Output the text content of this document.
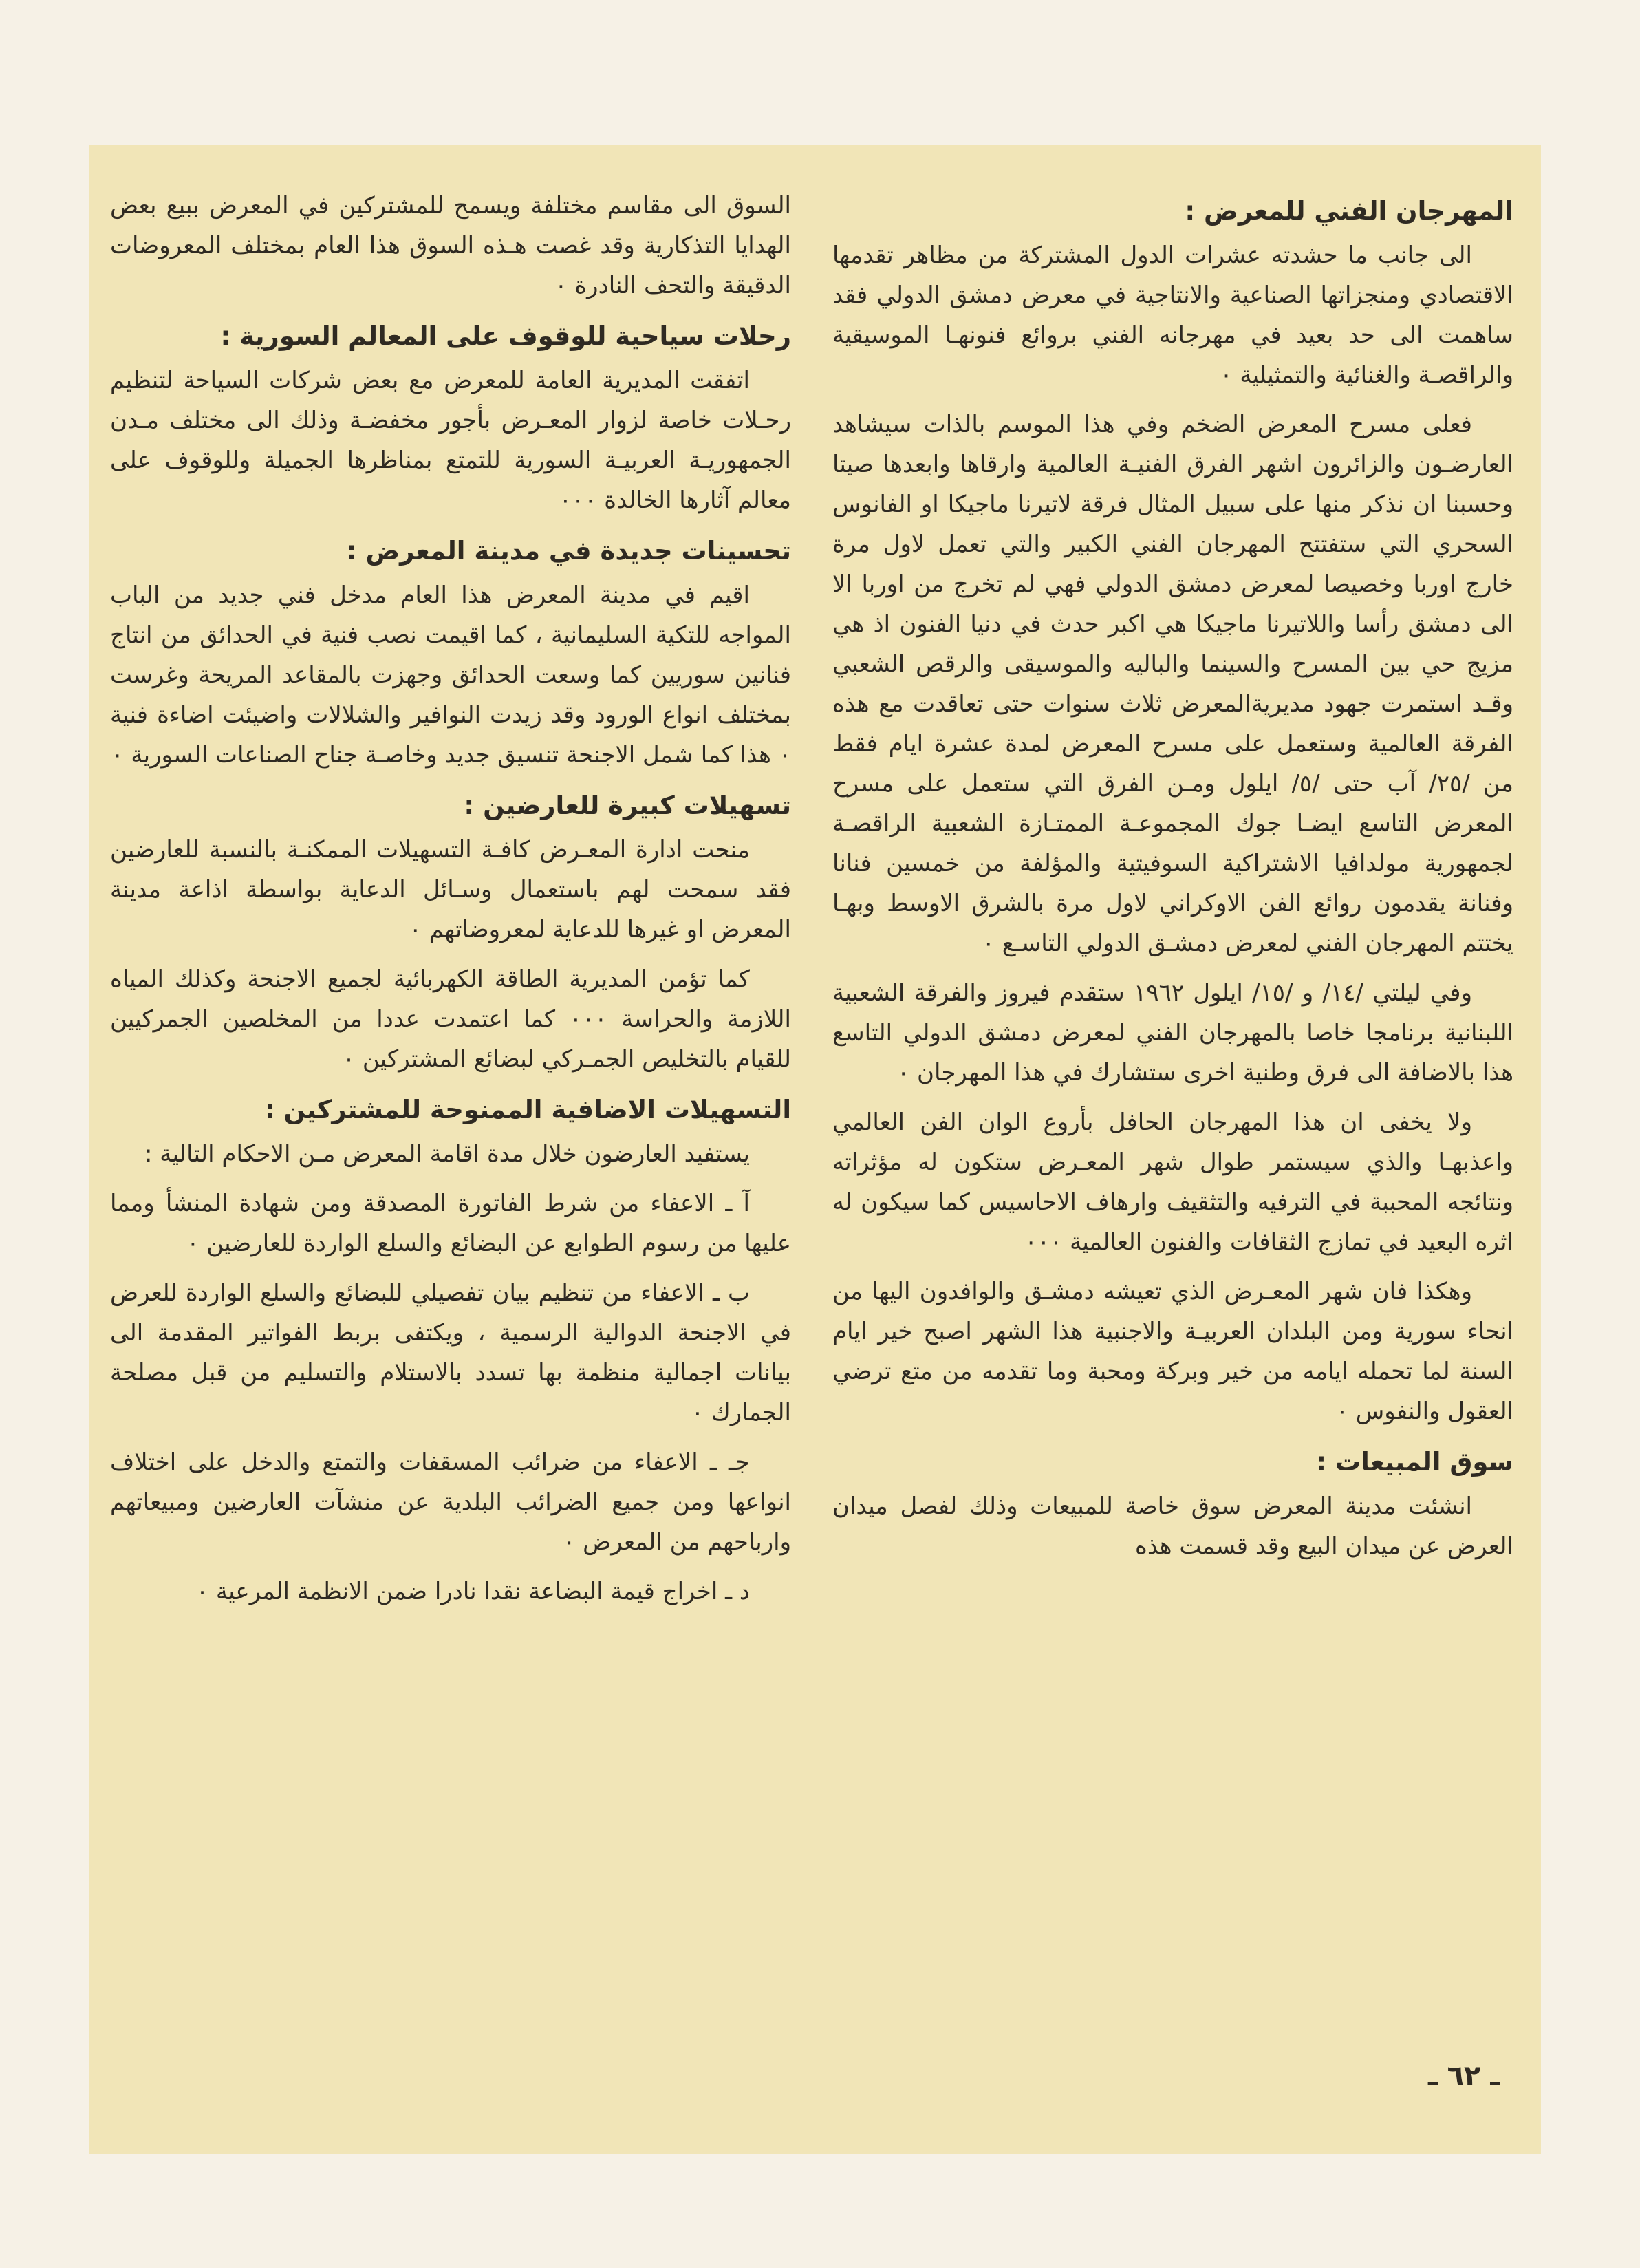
المهرجان الفني للمعرض :

الى جانب ما حشدته عشرات الدول المشتركة من مظاهر تقدمها الاقتصادي ومنجزاتها الصناعية والانتاجية في معرض دمشق الدولي فقد ساهمت الى حد بعيد في مهرجانه الفني بروائع فنونهـا الموسيقية والراقصـة والغنائية والتمثيلية ٠

فعلى مسرح المعرض الضخم وفي هذا الموسم بالذات سيشاهد العارضـون والزائرون اشهر الفرق الفنيـة العالمية وارقاها وابعدها صيتا وحسبنا ان نذكر منها على سبيل المثال فرقة لاتيرنا ماجيكا او الفانوس السحري التي ستفتتح المهرجان الفني الكبير والتي تعمل لاول مرة خارج اوربا وخصيصا لمعرض دمشق الدولي فهي لم تخرج من اوربا الا الى دمشق رأسا واللاتيرنا ماجيكا هي اكبر حدث في دنيا الفنون اذ هي مزيج حي بين المسرح والسينما والباليه والموسيقى والرقص الشعبي وقـد استمرت جهود مديريةالمعرض ثلاث سنوات حتى تعاقدت مع هذه الفرقة العالمية وستعمل على مسرح المعرض لمدة عشرة ايام فقط من /٢٥/ آب حتى /٥/ ايلول ومـن الفرق التي ستعمل على مسرح المعرض التاسع ايضـا جوك المجموعـة الممتـازة الشعبية الراقصـة لجمهورية مولدافيا الاشتراكية السوفيتية والمؤلفة من خمسين فنانا وفنانة يقدمون روائع الفن الاوكراني لاول مرة بالشرق الاوسط وبهـا يختتم المهرجان الفني لمعرض دمشـق الدولي التاسـع ٠

وفي ليلتي /١٤/ و /١٥/ ايلول ١٩٦٢ ستقدم فيروز والفرقة الشعبية اللبنانية برنامجا خاصا بالمهرجان الفني لمعرض دمشق الدولي التاسع هذا بالاضافة الى فرق وطنية اخرى ستشارك في هذا المهرجان ٠

ولا يخفى ان هذا المهرجان الحافل بأروع الوان الفن العالمي واعذبهـا والذي سيستمر طوال شهر المعـرض ستكون له مؤثراته ونتائجه المحببة في الترفيه والتثقيف وارهاف الاحاسيس كما سيكون له اثره البعيد في تمازج الثقافات والفنون العالمية ٠٠٠

وهكذا فان شهر المعـرض الذي تعيشه دمشـق والوافدون اليها من انحاء سورية ومن البلدان العربيـة والاجنبية هذا الشهر اصبح خير ايام السنة لما تحمله ايامه من خير وبركة ومحبة وما تقدمه من متع ترضي العقول والنفوس ٠

سوق المبيعات :

انشئت مدينة المعرض سوق خاصة للمبيعات وذلك لفصل ميدان العرض عن ميدان البيع وقد قسمت هذه

السوق الى مقاسم مختلفة ويسمح للمشتركين في المعرض ببيع بعض الهدايا التذكارية وقد غصت هـذه السوق هذا العام بمختلف المعروضات الدقيقة والتحف النادرة ٠

رحلات سياحية للوقوف على المعالم السورية :

اتفقت المديرية العامة للمعرض مع بعض شركات السياحة لتنظيم رحـلات خاصة لزوار المعـرض بأجور مخفضـة وذلك الى مختلف مـدن الجمهوريـة العربيـة السورية للتمتع بمناظرها الجميلة وللوقوف على معالم آثارها الخالدة ٠٠٠

تحسينات جديدة في مدينة المعرض :

اقيم في مدينة المعرض هذا العام مدخل فني جديد من الباب المواجه للتكية السليمانية ، كما اقيمت نصب فنية في الحدائق من انتاج فنانين سوريين كما وسعت الحدائق وجهزت بالمقاعد المريحة وغرست بمختلف انواع الورود وقد زيدت النوافير والشلالات واضيئت اضاءة فنية ٠ هذا كما شمل الاجنحة تنسيق جديد وخاصـة جناح الصناعات السورية ٠

تسهيلات كبيرة للعارضين :

منحت ادارة المعـرض كافـة التسهيلات الممكنـة بالنسبة للعارضين فقد سمحت لهم باستعمال وسـائل الدعاية بواسطة اذاعة مدينة المعرض او غيرها للدعاية لمعروضاتهم ٠

كما تؤمن المديرية الطاقة الكهربائية لجميع الاجنحة وكذلك المياه اللازمة والحراسة ٠٠٠ كما اعتمدت عددا من المخلصين الجمركيين للقيام بالتخليص الجمـركي لبضائع المشتركين ٠

التسهيلات الاضافية الممنوحة للمشتركين :

يستفيد العارضون خلال مدة اقامة المعرض مـن الاحكام التالية :

آ ـ الاعفاء من شرط الفاتورة المصدقة ومن شهادة المنشأ ومما عليها من رسوم الطوابع عن البضائع والسلع الواردة للعارضين ٠

ب ـ الاعفاء من تنظيم بيان تفصيلي للبضائع والسلع الواردة للعرض في الاجنحة الدوالية الرسمية ، ويكتفى بربط الفواتير المقدمة الى بيانات اجمالية منظمة بها تسدد بالاستلام والتسليم من قبل مصلحة الجمارك ٠

جـ ـ الاعفاء من ضرائب المسقفات والتمتع والدخل على اختلاف انواعها ومن جميع الضرائب البلدية عن منشآت العارضين ومبيعاتهم وارباحهم من المعرض ٠

د ـ اخراج قيمة البضاعة نقدا نادرا ضمن الانظمة المرعية ٠

ـ ٦٢ ـ
